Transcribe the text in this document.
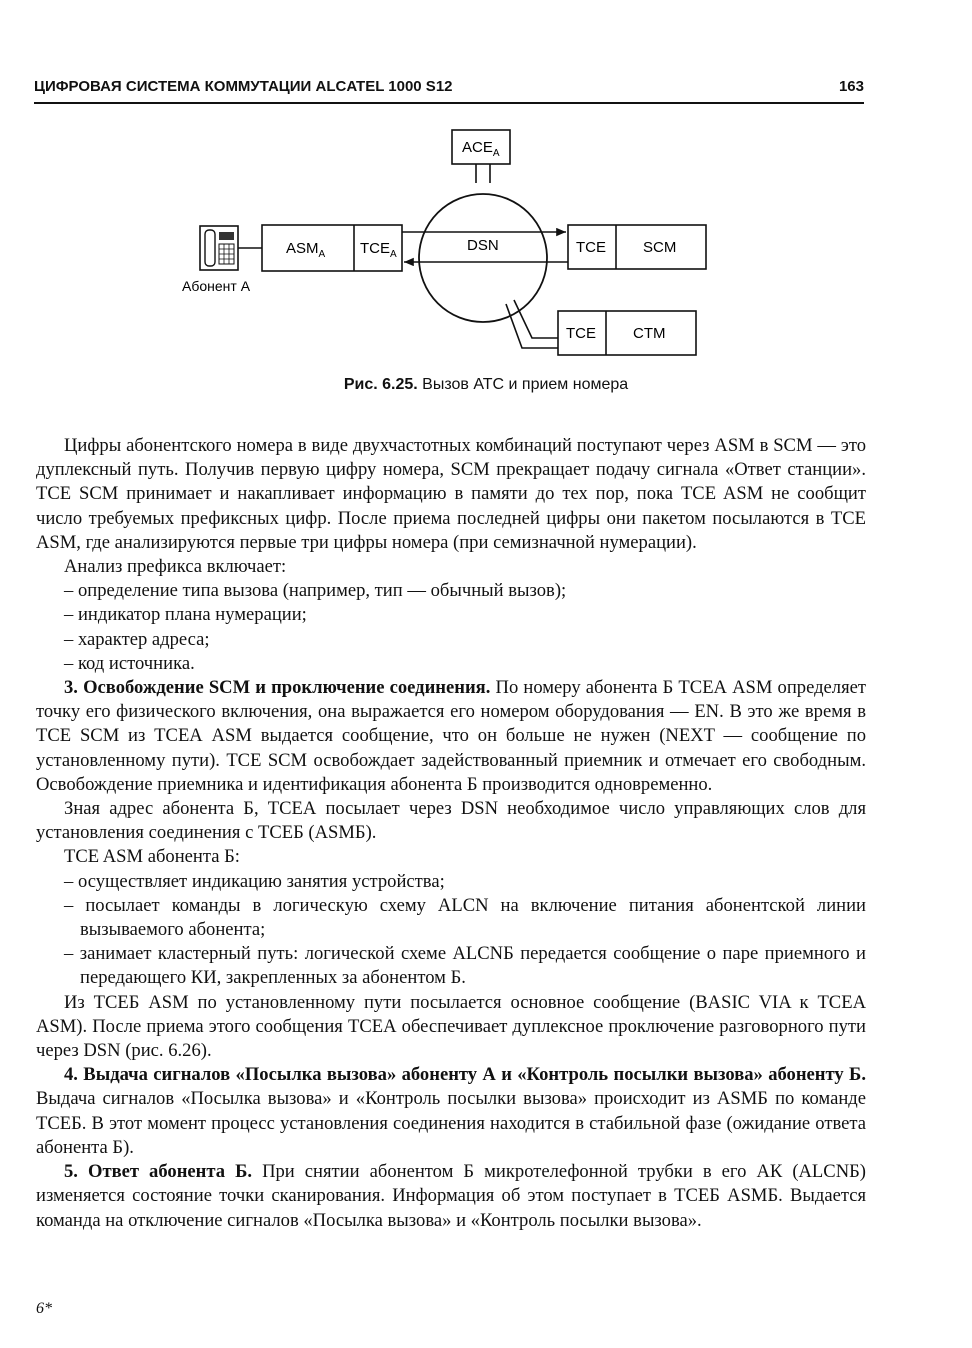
ЦИФРОВАЯ СИСТЕМА КОММУТАЦИИ ALCATEL 1000 S12	163
$ACE_A$
DSN
Абонент А
$ASM_A$ $TCE_A$	TCE SCM
TCE CTM
Рис. 6.25. Вызов АТС и прием номера

Цифры абонентского номера в виде двухчастотных комбинаций поступают через ASM в SCM — это дуплексный путь. Получив первую цифру номера, SCM прекращает подачу сигнала «Ответ станции». TCE SCM принимает и накапливает информацию в памяти до тех пор, пока TCE ASM не сообщит число требуемых префиксных цифр. После приема последней цифры они пакетом посылаются в TCE ASM, где анализируются первые три цифры номера (при семизначной нумерации).

Анализ префикса включает:

– определение типа вызова (например, тип — обычный вызов);
– индикатор плана нумерации;
– характер адреса;
– код источника.

3. Освобождение SCM и проключение соединения. По номеру абонента Б TCEА ASM определяет точку его физического включения, она выражается его номером оборудования — EN. В это же время в TCE SCM из TCEА ASM выдается сообщение, что он больше не нужен (NEXT — сообщение по установленному пути). TCE SCM освобождает задействованный приемник и отмечает его свободным. Освобождение приемника и идентификация абонента Б производится одновременно.

Зная адрес абонента Б, TCEА посылает через DSN необходимое число управляющих слов для установления соединения с TCEБ (ASMБ).

TCE ASM абонента Б:

– осуществляет индикацию занятия устройства;
– посылает команды в логическую схему ALCN на включение питания абонентской линии вызываемого абонента;
– занимает кластерный путь: логической схеме ALCNБ передается сообщение о паре приемного и передающего КИ, закрепленных за абонентом Б.

Из TCEБ ASM по установленному пути посылается основное сообщение (BASIC VIA к TCEА ASM). После приема этого сообщения TCEА обеспечивает дуплексное проключение разговорного пути через DSN (рис. 6.26).

4. Выдача сигналов «Посылка вызова» абоненту А и «Контроль посылки вызова» абоненту Б. Выдача сигналов «Посылка вызова» и «Контроль посылки вызова» происходит из ASMБ по команде TCEБ. В этот момент процесс установления соединения находится в стабильной фазе (ожидание ответа абонента Б).

5. Ответ абонента Б. При снятии абонентом Б микротелефонной трубки в его АК (ALCNБ) изменяется состояние точки сканирования. Информация об этом поступает в TCEБ ASMБ. Выдается команда на отключение сигналов «Посылка вызова» и «Контроль посылки вызова».

6*
